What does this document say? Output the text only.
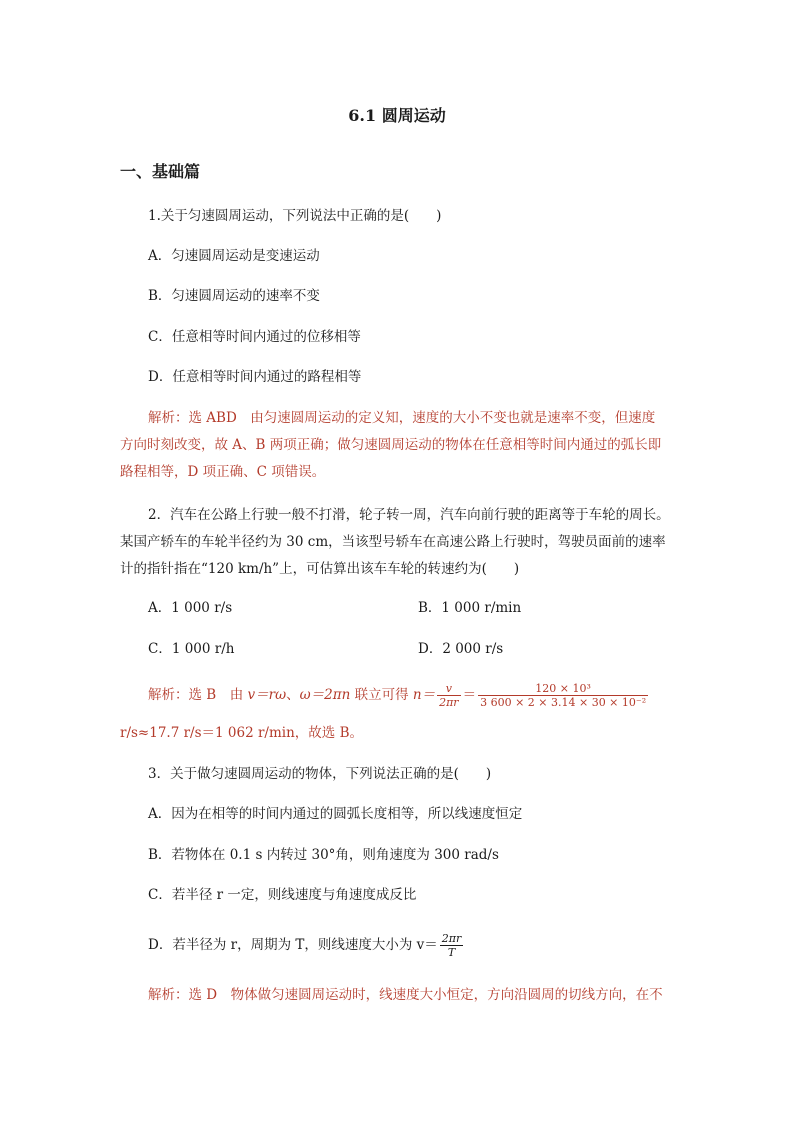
6.1 圆周运动
一、基础篇
1.关于匀速圆周运动，下列说法中正确的是(　　)
A．匀速圆周运动是变速运动
B．匀速圆周运动的速率不变
C．任意相等时间内通过的位移相等
D．任意相等时间内通过的路程相等
解析：选 ABD　由匀速圆周运动的定义知，速度的大小不变也就是速率不变，但速度
方向时刻改变，故 A、B 两项正确；做匀速圆周运动的物体在任意相等时间内通过的弧长即
路程相等，D 项正确、C 项错误。
2．汽车在公路上行驶一般不打滑，轮子转一周，汽车向前行驶的距离等于车轮的周长。
某国产轿车的车轮半径约为 30 cm，当该型号轿车在高速公路上行驶时，驾驶员面前的速率
计的指针指在“120 km/h”上，可估算出该车车轮的转速约为(　　)
A．1 000 r/s	B．1 000 r/min
C．1 000 r/h	D．2 000 r/s
解析：选 B　由 v＝rω、ω＝2πn 联立可得 $n= \frac{v}{2\pi r} = \frac{\text{120 × 10³}}{\text{3 600 × 2 × 3.14 × 30 × 10⁻²}}$
r/s≈17.7 r/s＝1 062 r/min，故选 B。
3．关于做匀速圆周运动的物体，下列说法正确的是(　　)
A．因为在相等的时间内通过的圆弧长度相等，所以线速度恒定
B．若物体在 0.1 s 内转过 30°角，则角速度为 300 rad/s
C．若半径 r 一定，则线速度与角速度成反比
D．若半径为 r，周期为 T，则线速度大小为 $v= \frac{2\pi r}{T}$
解析：选 D　物体做匀速圆周运动时，线速度大小恒定，方向沿圆周的切线方向，在不
